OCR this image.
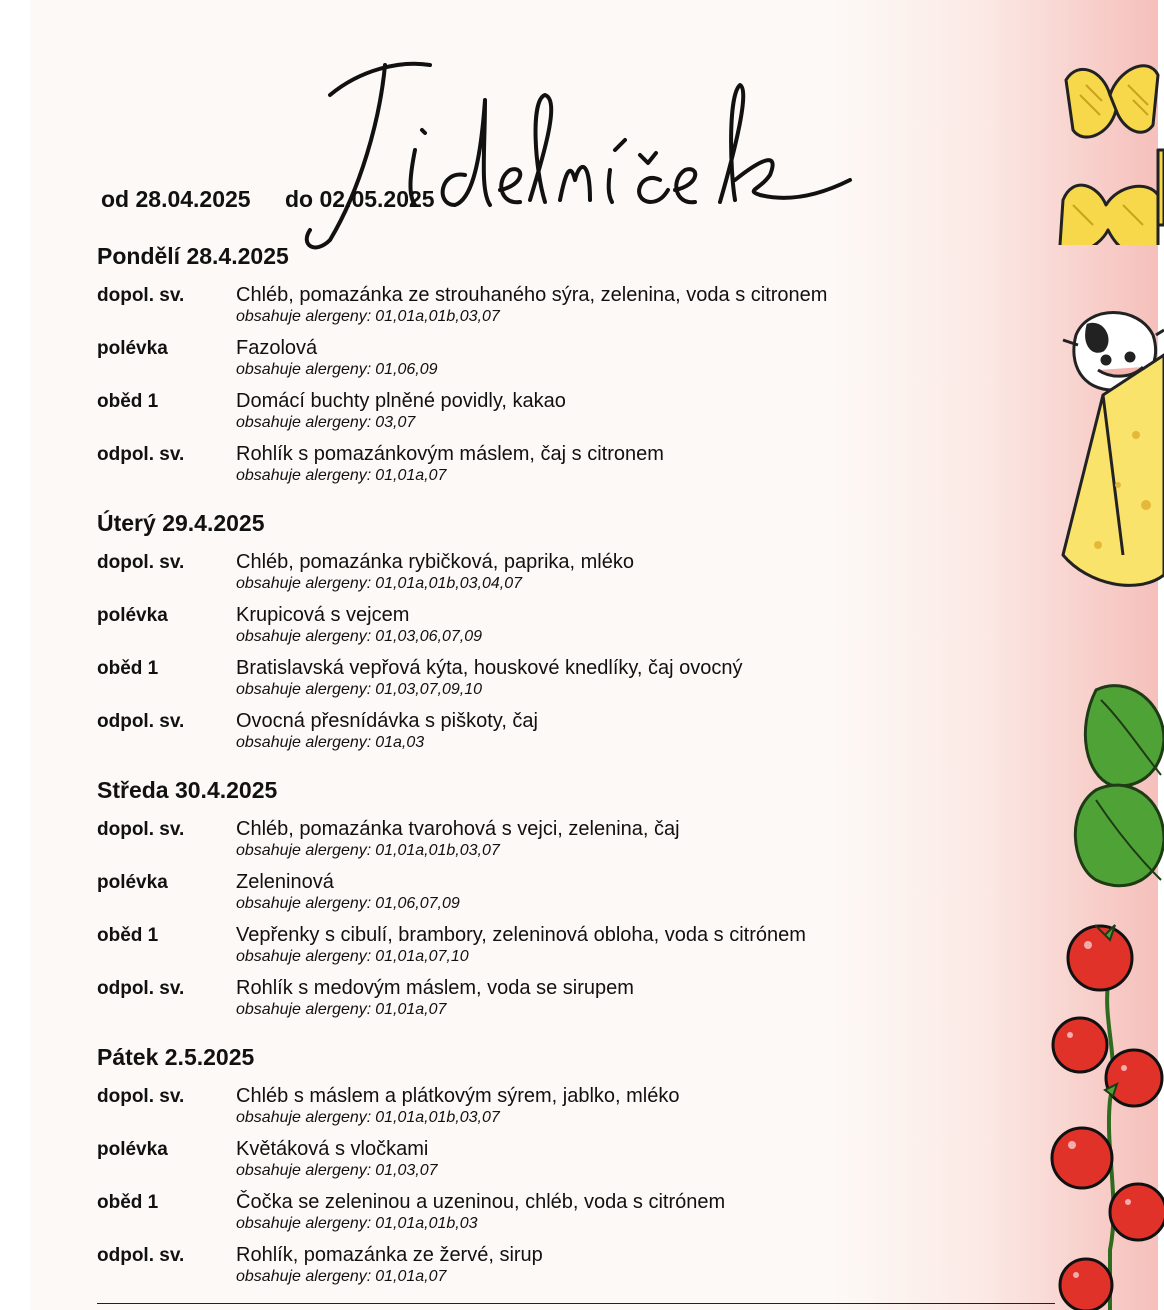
od 28.04.2025 do 02.05.2025
Pondělí 28.4.2025
dopol. sv.	Chléb, pomazánka ze strouhaného sýra, zelenina, voda s citronem
obsahuje alergeny: 01,01a,01b,03,07
polévka	Fazolová
obsahuje alergeny: 01,06,09
oběd 1	Domácí buchty plněné povidly, kakao
obsahuje alergeny: 03,07
odpol. sv.	Rohlík s pomazánkovým máslem, čaj s citronem
obsahuje alergeny: 01,01a,07
Úterý 29.4.2025
dopol. sv.	Chléb, pomazánka rybičková, paprika, mléko
obsahuje alergeny: 01,01a,01b,03,04,07
polévka	Krupicová s vejcem
obsahuje alergeny: 01,03,06,07,09
oběd 1	Bratislavská vepřová kýta, houskové knedlíky, čaj ovocný
obsahuje alergeny: 01,03,07,09,10
odpol. sv.	Ovocná přesnídávka s piškoty, čaj
obsahuje alergeny: 01a,03
Středa 30.4.2025
dopol. sv.	Chléb, pomazánka tvarohová s vejci, zelenina, čaj
obsahuje alergeny: 01,01a,01b,03,07
polévka	Zeleninová
obsahuje alergeny: 01,06,07,09
oběd 1	Vepřenky s cibulí, brambory, zeleninová obloha, voda s citrónem
obsahuje alergeny: 01,01a,07,10
odpol. sv.	Rohlík s medovým máslem, voda se sirupem
obsahuje alergeny: 01,01a,07
Pátek 2.5.2025
dopol. sv.	Chléb s máslem a plátkovým sýrem, jablko, mléko
obsahuje alergeny: 01,01a,01b,03,07
polévka	Květáková s vločkami
obsahuje alergeny: 01,03,07
oběd 1	Čočka se zeleninou a uzeninou, chléb, voda s citrónem
obsahuje alergeny: 01,01a,01b,03
odpol. sv.	Rohlík, pomazánka ze žervé, sirup
obsahuje alergeny: 01,01a,07
